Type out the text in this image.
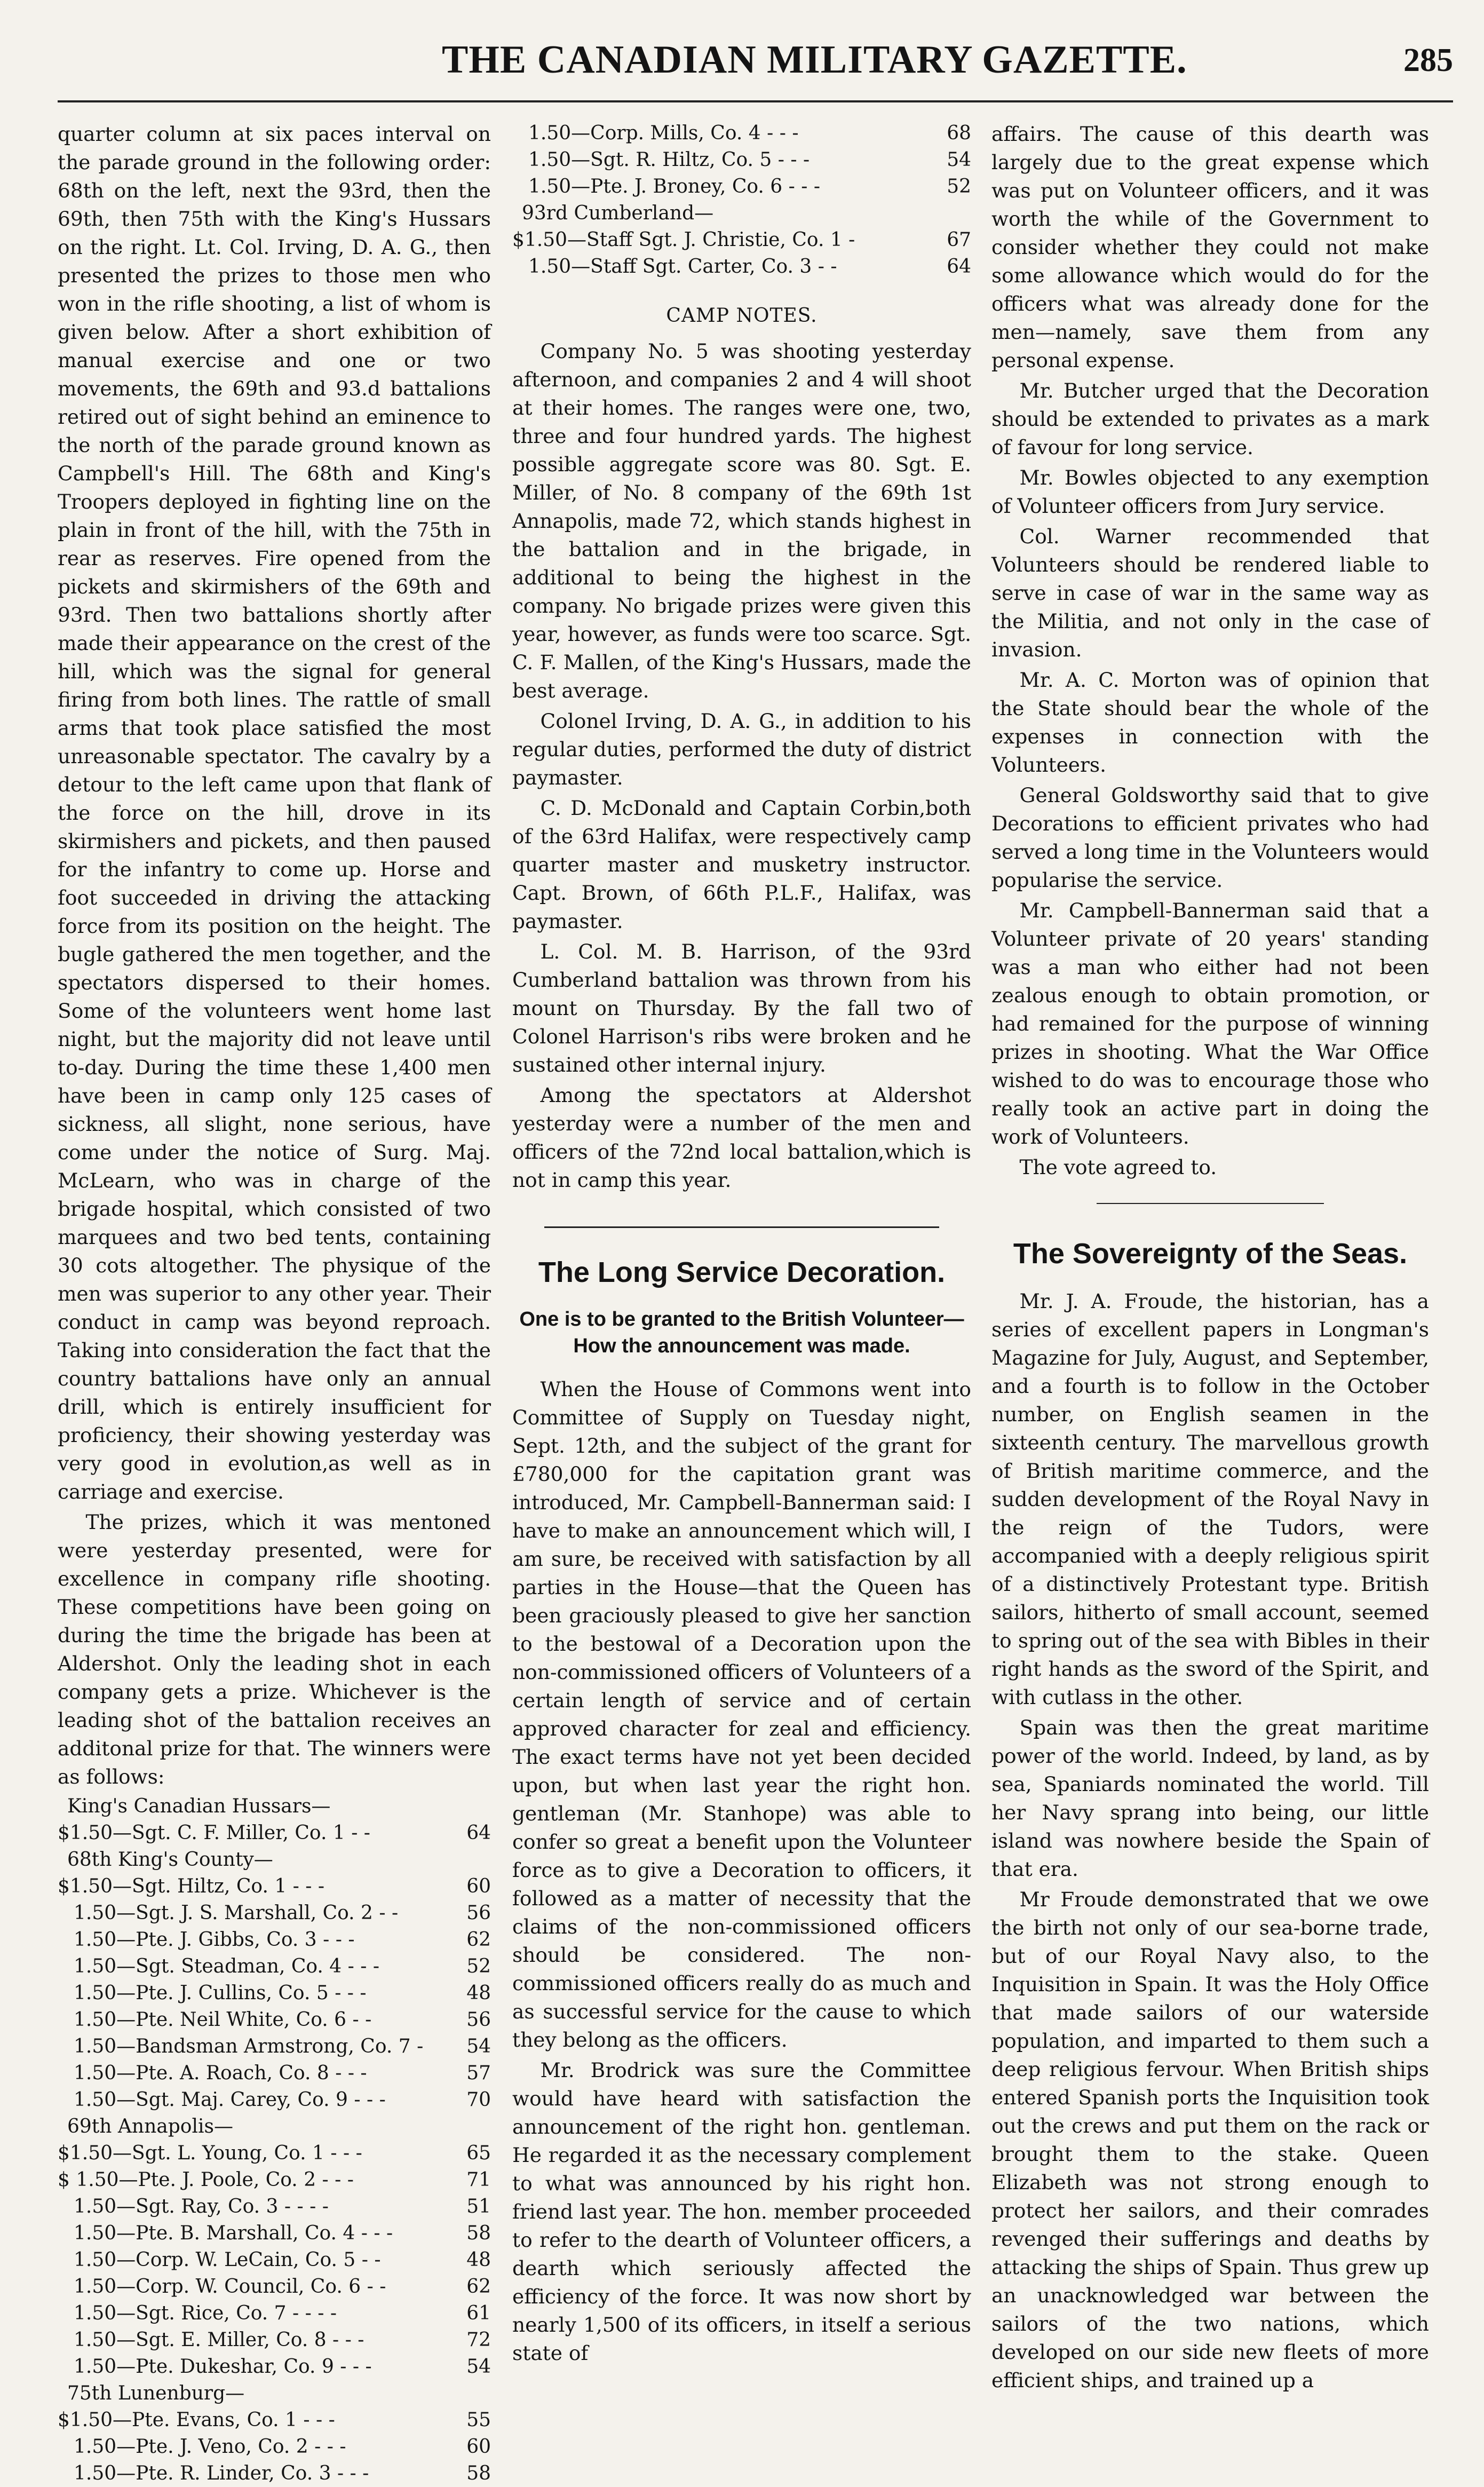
THE CANADIAN MILITARY GAZETTE.	285

quarter column at six paces interval on the parade ground in the following order: 68th on the left, next the 93rd, then the 69th, then 75th with the King's Hussars on the right. Lt. Col. Irving, D. A. G., then presented the prizes to those men who won in the rifle shooting, a list of whom is given below. After a short exhibition of manual exercise and one or two movements, the 69th and 93.d battalions retired out of sight behind an eminence to the north of the parade ground known as Campbell's Hill. The 68th and King's Troopers deployed in fighting line on the plain in front of the hill, with the 75th in rear as reserves. Fire opened from the pickets and skirmishers of the 69th and 93rd. Then two battalions shortly after made their appearance on the crest of the hill, which was the signal for general firing from both lines. The rattle of small arms that took place satisfied the most unreasonable spectator. The cavalry by a detour to the left came upon that flank of the force on the hill, drove in its skirmishers and pickets, and then paused for the infantry to come up. Horse and foot succeeded in driving the attacking force from its position on the height. The bugle gathered the men together, and the spectators dispersed to their homes. Some of the volunteers went home last night, but the majority did not leave until to-day. During the time these 1,400 men have been in camp only 125 cases of sickness, all slight, none serious, have come under the notice of Surg. Maj. McLearn, who was in charge of the brigade hospital, which consisted of two marquees and two bed tents, containing 30 cots altogether. The physique of the men was superior to any other year. Their conduct in camp was beyond reproach. Taking into consideration the fact that the country battalions have only an annual drill, which is entirely insufficient for proficiency, their showing yesterday was very good in evolution,as well as in carriage and exercise.

The prizes, which it was mentoned were yesterday presented, were for excellence in company rifle shooting. These competitions have been going on during the time the brigade has been at Aldershot. Only the leading shot in each company gets a prize. Whichever is the leading shot of the battalion receives an additonal prize for that. The winners were as follows:

King's Canadian Hussars—

$1.50—Sgt. C. F. Miller, Co. 1 - -	64

68th King's County—

$1.50—Sgt. Hiltz, Co. 1 - - -	60
1.50—Sgt. J. S. Marshall, Co. 2 - -	56
1.50—Pte. J. Gibbs, Co. 3 - - -	62
1.50—Sgt. Steadman, Co. 4 - - -	52
1.50—Pte. J. Cullins, Co. 5 - - -	48
1.50—Pte. Neil White, Co. 6 - -	56
1.50—Bandsman Armstrong, Co. 7 -	54
1.50—Pte. A. Roach, Co. 8 - - -	57
1.50—Sgt. Maj. Carey, Co. 9 - - -	70

69th Annapolis—

$1.50—Sgt. L. Young, Co. 1 - - -	65
$ 1.50—Pte. J. Poole, Co. 2 - - -	71
1.50—Sgt. Ray, Co. 3 - - - -	51
1.50—Pte. B. Marshall, Co. 4 - - -	58
1.50—Corp. W. LeCain, Co. 5 - -	48
1.50—Corp. W. Council, Co. 6 - -	62
1.50—Sgt. Rice, Co. 7 - - - -	61
1.50—Sgt. E. Miller, Co. 8 - - -	72
1.50—Pte. Dukeshar, Co. 9 - - -	54

75th Lunenburg—

$1.50—Pte. Evans, Co. 1 - - -	55
1.50—Pte. J. Veno, Co. 2 - - -	60
1.50—Pte. R. Linder, Co. 3 - - -	58
1.50—Corp. Mills, Co. 4 - - -	68
1.50—Sgt. R. Hiltz, Co. 5 - - -	54
1.50—Pte. J. Broney, Co. 6 - - -	52

93rd Cumberland—

$1.50—Staff Sgt. J. Christie, Co. 1 -	67
1.50—Staff Sgt. Carter, Co. 3 - -	64
CAMP NOTES.

Company No. 5 was shooting yesterday afternoon, and companies 2 and 4 will shoot at their homes. The ranges were one, two, three and four hundred yards. The highest possible aggregate score was 80. Sgt. E. Miller, of No. 8 company of the 69th 1st Annapolis, made 72, which stands highest in the battalion and in the brigade, in additional to being the highest in the company. No brigade prizes were given this year, however, as funds were too scarce. Sgt. C. F. Mallen, of the King's Hussars, made the best average.

Colonel Irving, D. A. G., in addition to his regular duties, performed the duty of district paymaster.

C. D. McDonald and Captain Corbin,both of the 63rd Halifax, were respectively camp quarter master and musketry instructor. Capt. Brown, of 66th P.L.F., Halifax, was paymaster.

L. Col. M. B. Harrison, of the 93rd Cumberland battalion was thrown from his mount on Thursday. By the fall two of Colonel Harrison's ribs were broken and he sustained other internal injury.

Among the spectators at Aldershot yesterday were a number of the men and officers of the 72nd local battalion,which is not in camp this year.

The Long Service Decoration.
One is to be granted to the British Volunteer—How the announcement was made.

When the House of Commons went into Committee of Supply on Tuesday night, Sept. 12th, and the subject of the grant for £780,000 for the capitation grant was introduced, Mr. Campbell-Bannerman said: I have to make an announcement which will, I am sure, be received with satisfaction by all parties in the House—that the Queen has been graciously pleased to give her sanction to the bestowal of a Decoration upon the non-commissioned officers of Volunteers of a certain length of service and of certain approved character for zeal and efficiency. The exact terms have not yet been decided upon, but when last year the right hon. gentleman (Mr. Stanhope) was able to confer so great a benefit upon the Volunteer force as to give a Decoration to officers, it followed as a matter of necessity that the claims of the non-commissioned officers should be considered. The non-commissioned officers really do as much and as successful service for the cause to which they belong as the officers.

Mr. Brodrick was sure the Committee would have heard with satisfaction the announcement of the right hon. gentleman. He regarded it as the necessary complement to what was announced by his right hon. friend last year. The hon. member proceeded to refer to the dearth of Volunteer officers, a dearth which seriously affected the efficiency of the force. It was now short by nearly 1,500 of its officers, in itself a serious state of

affairs. The cause of this dearth was largely due to the great expense which was put on Volunteer officers, and it was worth the while of the Government to consider whether they could not make some allowance which would do for the officers what was already done for the men—namely, save them from any personal expense.

Mr. Butcher urged that the Decoration should be extended to privates as a mark of favour for long service.

Mr. Bowles objected to any exemption of Volunteer officers from Jury service.

Col. Warner recommended that Volunteers should be rendered liable to serve in case of war in the same way as the Militia, and not only in the case of invasion.

Mr. A. C. Morton was of opinion that the State should bear the whole of the expenses in connection with the Volunteers.

General Goldsworthy said that to give Decorations to efficient privates who had served a long time in the Volunteers would popularise the service.

Mr. Campbell-Bannerman said that a Volunteer private of 20 years' standing was a man who either had not been zealous enough to obtain promotion, or had remained for the purpose of winning prizes in shooting. What the War Office wished to do was to encourage those who really took an active part in doing the work of Volunteers.

The vote agreed to.

The Sovereignty of the Seas.

Mr. J. A. Froude, the historian, has a series of excellent papers in Longman's Magazine for July, August, and September, and a fourth is to follow in the October number, on English seamen in the sixteenth century. The marvellous growth of British maritime commerce, and the sudden development of the Royal Navy in the reign of the Tudors, were accompanied with a deeply religious spirit of a distinctively Protestant type. British sailors, hitherto of small account, seemed to spring out of the sea with Bibles in their right hands as the sword of the Spirit, and with cutlass in the other.

Spain was then the great maritime power of the world. Indeed, by land, as by sea, Spaniards nominated the world. Till her Navy sprang into being, our little island was nowhere beside the Spain of that era.

Mr Froude demonstrated that we owe the birth not only of our sea-borne trade, but of our Royal Navy also, to the Inquisition in Spain. It was the Holy Office that made sailors of our waterside population, and imparted to them such a deep religious fervour. When British ships entered Spanish ports the Inquisition took out the crews and put them on the rack or brought them to the stake. Queen Elizabeth was not strong enough to protect her sailors, and their comrades revenged their sufferings and deaths by attacking the ships of Spain. Thus grew up an unacknowledged war between the sailors of the two nations, which developed on our side new fleets of more efficient ships, and trained up a
